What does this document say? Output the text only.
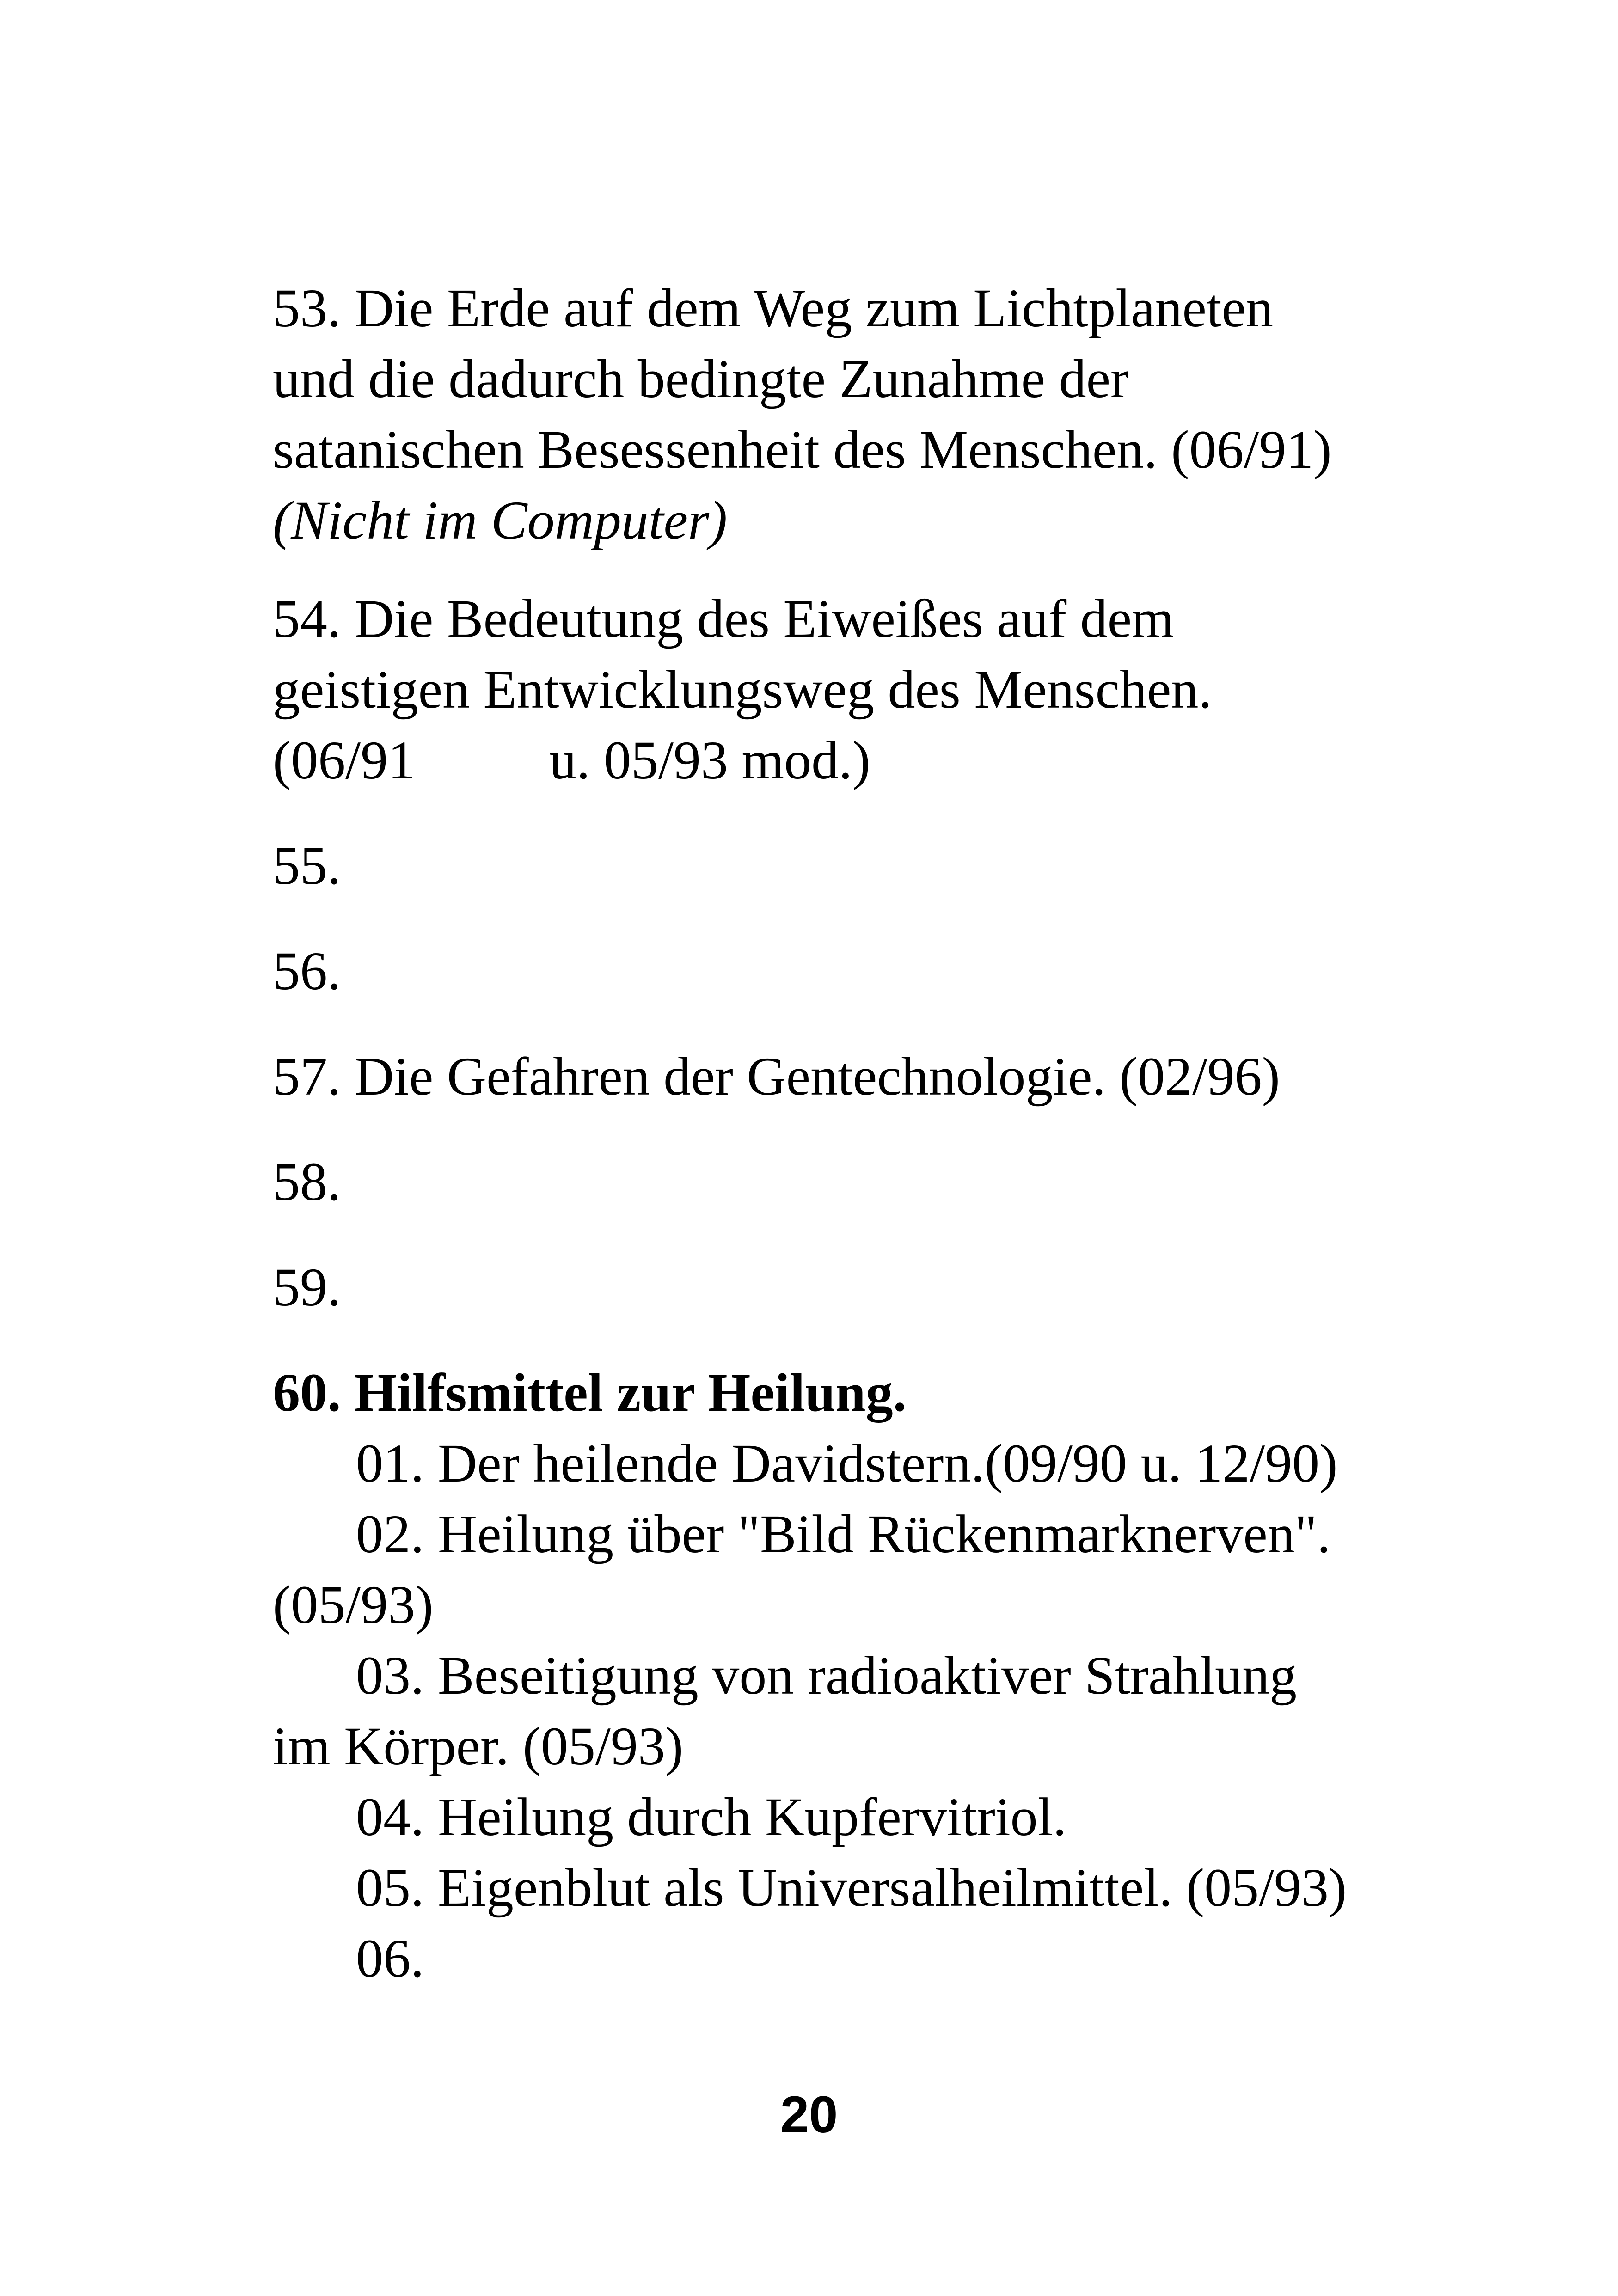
53. Die Erde auf dem Weg zum Lichtplaneten
und die dadurch bedingte Zunahme der
satanischen Besessenheit des Menschen. (06/91)
(Nicht im Computer)
54. Die Bedeutung des Eiweißes auf dem
geistigen Entwicklungsweg des Menschen.
(06/91 u. 05/93 mod.)
55.
56.
57. Die Gefahren der Gentechnologie. (02/96)
58.
59.
60. Hilfsmittel zur Heilung.
01. Der heilende Davidstern.(09/90 u. 12/90)
02. Heilung über "Bild Rückenmarknerven".
(05/93)
03. Beseitigung von radioaktiver Strahlung
im Körper. (05/93)
04. Heilung durch Kupfervitriol.
05. Eigenblut als Universalheilmittel. (05/93)
06.
20
